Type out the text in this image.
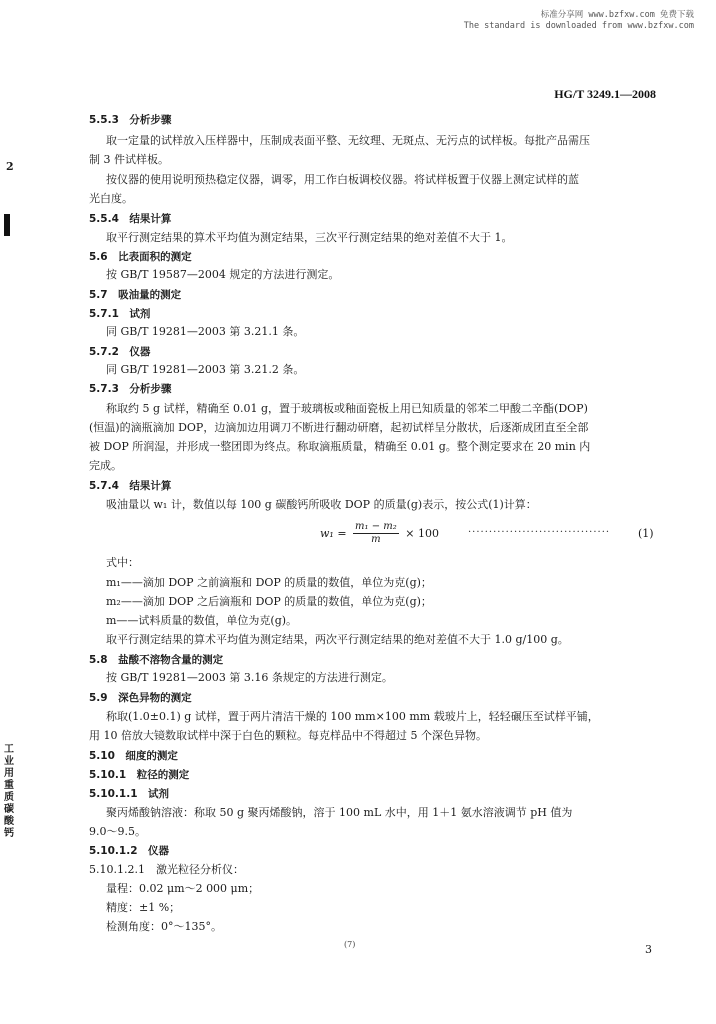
标准分享网 www.bzfxw.com 免费下载
The standard is downloaded from www.bzfxw.com
HG/T 3249.1—2008
2
工业用重质碳酸钙
5.5.3　分析步骤
取一定量的试样放入压样器中，压制成表面平整、无纹理、无斑点、无污点的试样板。每批产品需压
制 3 件试样板。
按仪器的使用说明预热稳定仪器，调零，用工作白板调校仪器。将试样板置于仪器上测定试样的蓝
光白度。
5.5.4　结果计算
取平行测定结果的算术平均值为测定结果，三次平行测定结果的绝对差值不大于 1。
5.6　比表面积的测定
按 GB/T 19587—2004 规定的方法进行测定。
5.7　吸油量的测定
5.7.1　试剂
同 GB/T 19281—2003 第 3.21.1 条。
5.7.2　仪器
同 GB/T 19281—2003 第 3.21.2 条。
5.7.3　分析步骤
称取约 5 g 试样，精确至 0.01 g，置于玻璃板或釉面瓷板上用已知质量的邻苯二甲酸二辛酯(DOP)
(恒温)的滴瓶滴加 DOP，边滴加边用调刀不断进行翻动研磨，起初试样呈分散状，后逐渐成团直至全部
被 DOP 所润湿，并形成一整团即为终点。称取滴瓶质量，精确至 0.01 g。整个测定要求在 20 min 内
完成。
5.7.4　结果计算
吸油量以 w₁ 计，数值以每 100 g 碳酸钙所吸收 DOP 的质量(g)表示，按公式(1)计算：
$w_1 = \frac{\text{m₁ − m₂}}{m} \times 100$	··································	(1)
式中：
m₁——滴加 DOP 之前滴瓶和 DOP 的质量的数值，单位为克(g)；
m₂——滴加 DOP 之后滴瓶和 DOP 的质量的数值，单位为克(g)；
m——试料质量的数值，单位为克(g)。
取平行测定结果的算术平均值为测定结果，两次平行测定结果的绝对差值不大于 1.0 g/100 g。
5.8　盐酸不溶物含量的测定
按 GB/T 19281—2003 第 3.16 条规定的方法进行测定。
5.9　深色异物的测定
称取(1.0±0.1) g 试样，置于两片清洁干燥的 100 mm×100 mm 载玻片上，轻轻碾压至试样平铺，
用 10 倍放大镜数取试样中深于白色的颗粒。每克样品中不得超过 5 个深色异物。
5.10　细度的测定
5.10.1　粒径的测定
5.10.1.1　试剂
聚丙烯酸钠溶液：称取 50 g 聚丙烯酸钠，溶于 100 mL 水中，用 1＋1 氨水溶液调节 pH 值为
9.0～9.5。
5.10.1.2　仪器
5.10.1.2.1　激光粒径分析仪：
量程：0.02 μm～2 000 μm；
精度：±1 %；
检测角度：0°～135°。
(7)	3
